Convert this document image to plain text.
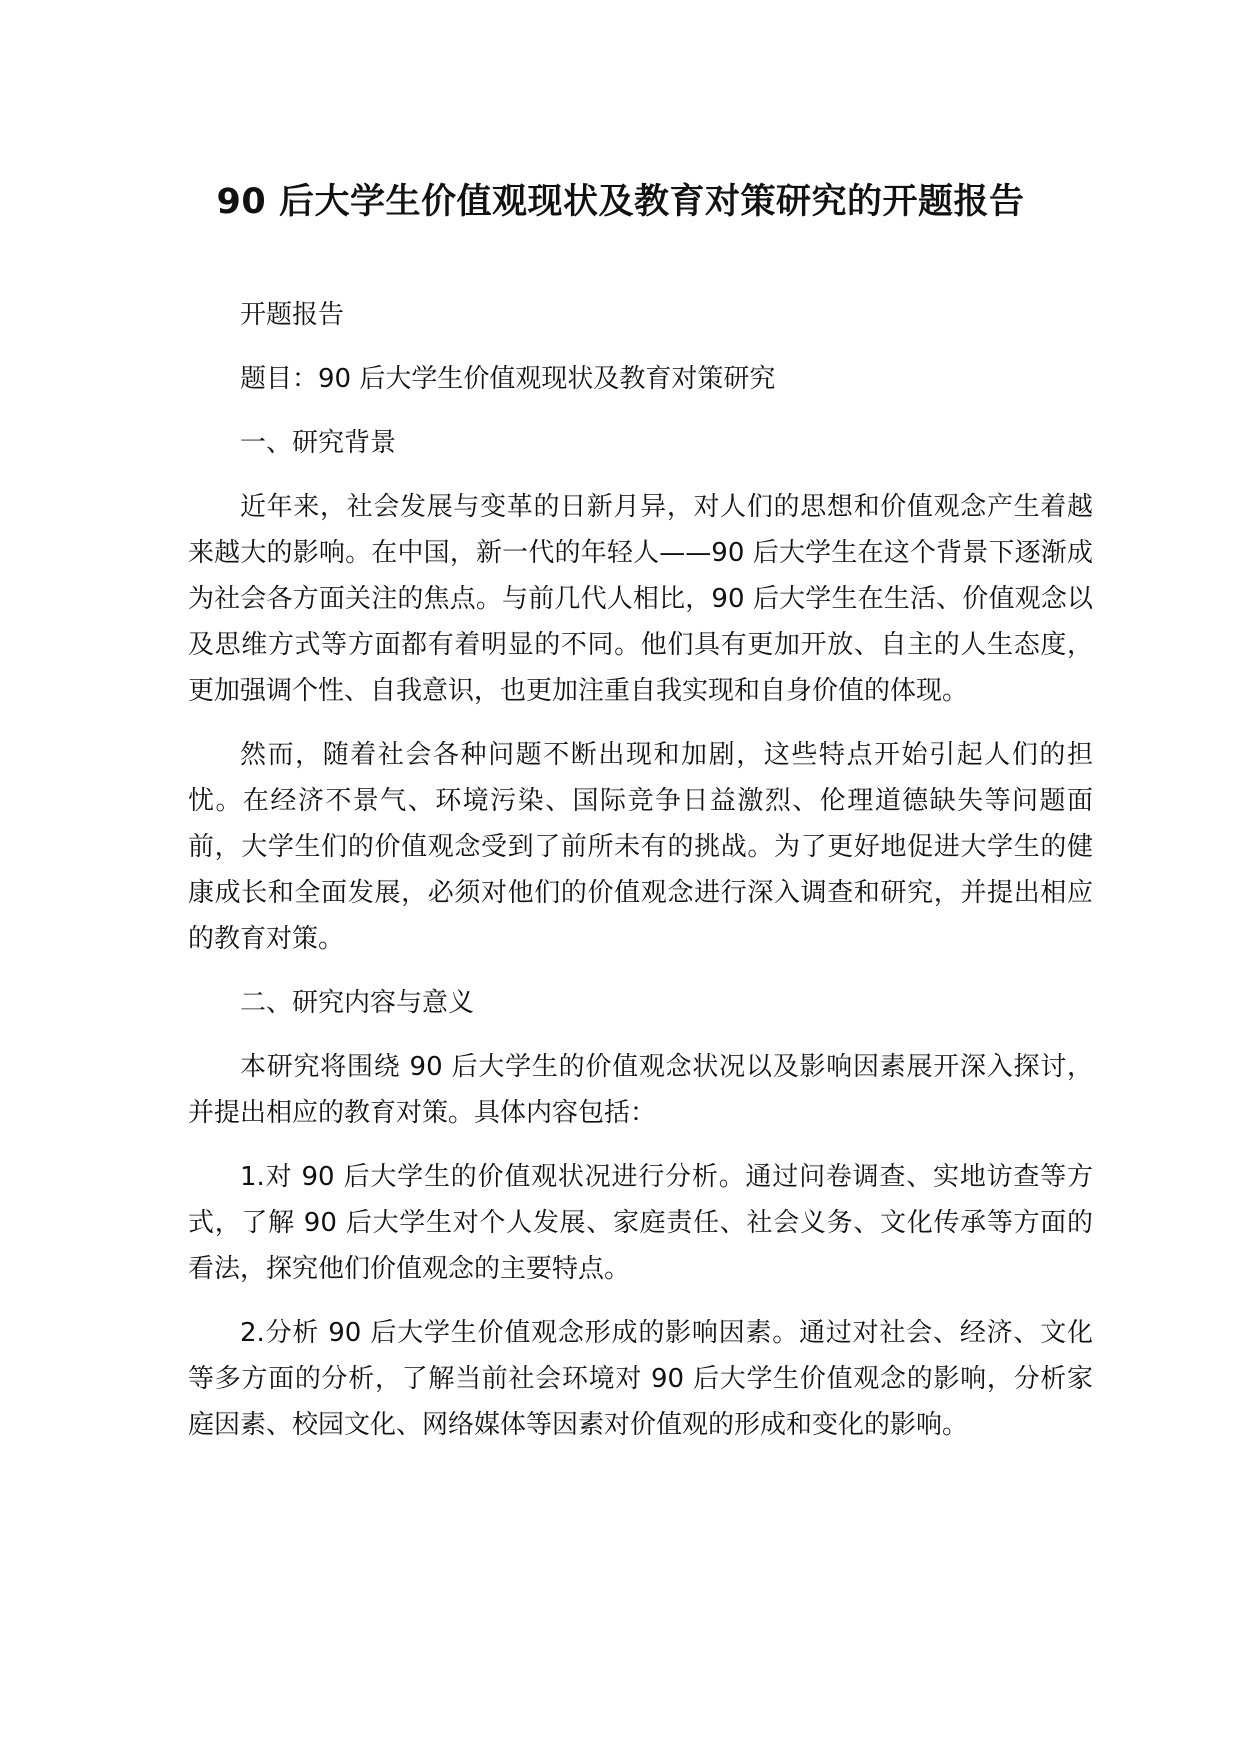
90 后大学生价值观现状及教育对策研究的开题报告

开题报告

题目：90 后大学生价值观现状及教育对策研究

一、研究背景

近年来，社会发展与变革的日新月异，对人们的思想和价值观念产生着越来越大的影响。在中国，新一代的年轻人——90 后大学生在这个背景下逐渐成为社会各方面关注的焦点。与前几代人相比，90 后大学生在生活、价值观念以及思维方式等方面都有着明显的不同。他们具有更加开放、自主的人生态度，更加强调个性、自我意识，也更加注重自我实现和自身价值的体现。

然而，随着社会各种问题不断出现和加剧，这些特点开始引起人们的担忧。在经济不景气、环境污染、国际竞争日益激烈、伦理道德缺失等问题面前，大学生们的价值观念受到了前所未有的挑战。为了更好地促进大学生的健康成长和全面发展，必须对他们的价值观念进行深入调查和研究，并提出相应的教育对策。

二、研究内容与意义

本研究将围绕 90 后大学生的价值观念状况以及影响因素展开深入探讨，并提出相应的教育对策。具体内容包括：

1.对 90 后大学生的价值观状况进行分析。通过问卷调查、实地访查等方式，了解 90 后大学生对个人发展、家庭责任、社会义务、文化传承等方面的看法，探究他们价值观念的主要特点。

2.分析 90 后大学生价值观念形成的影响因素。通过对社会、经济、文化等多方面的分析，了解当前社会环境对 90 后大学生价值观念的影响，分析家庭因素、校园文化、网络媒体等因素对价值观的形成和变化的影响。
